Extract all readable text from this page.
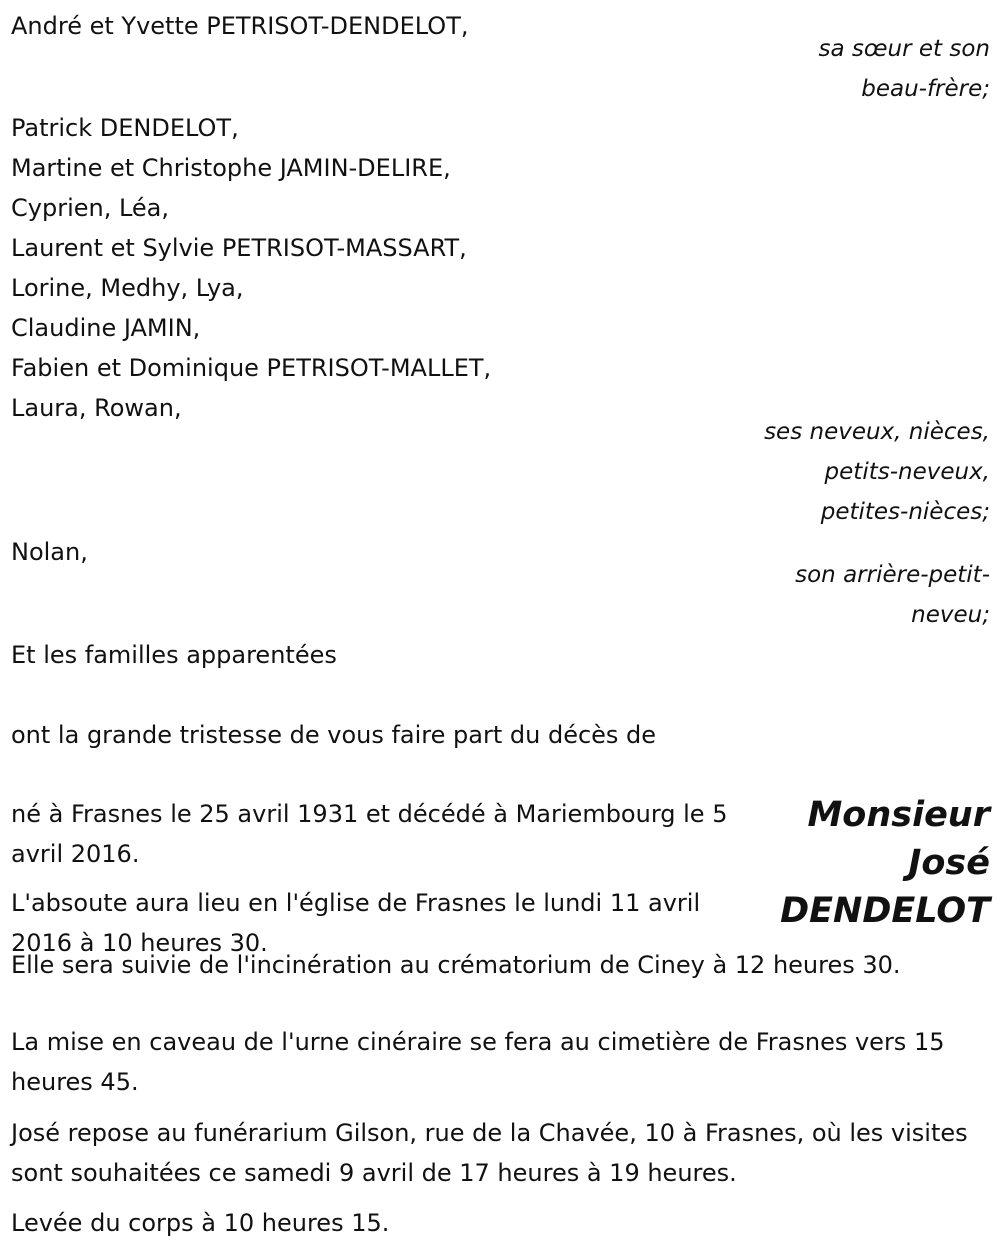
André et Yvette PETRISOT-DENDELOT,
sa sœur et son
beau-frère;
Patrick DENDELOT,
Martine et Christophe JAMIN-DELIRE,
Cyprien, Léa,
Laurent et Sylvie PETRISOT-MASSART,
Lorine, Medhy, Lya,
Claudine JAMIN,
Fabien et Dominique PETRISOT-MALLET,
Laura, Rowan,
ses neveux, nièces,
petits-neveux,
petites-nièces;
Nolan,
son arrière-petit-
neveu;
Et les familles apparentées
ont la grande tristesse de vous faire part du décès de
Monsieur
José
DENDELOT

né à Frasnes le 25 avril 1931 et décédé à Mariembourg le 5 avril 2016.

L'absoute aura lieu en l'église de Frasnes le lundi 11 avril 2016 à 10 heures 30.

Elle sera suivie de l'incinération au crématorium de Ciney à 12 heures 30.

La mise en caveau de l'urne cinéraire se fera au cimetière de Frasnes vers 15 heures 45.

José repose au funérarium Gilson, rue de la Chavée, 10 à Frasnes, où les visites sont souhaitées ce samedi 9 avril de 17 heures à 19 heures.

Levée du corps à 10 heures 15.
